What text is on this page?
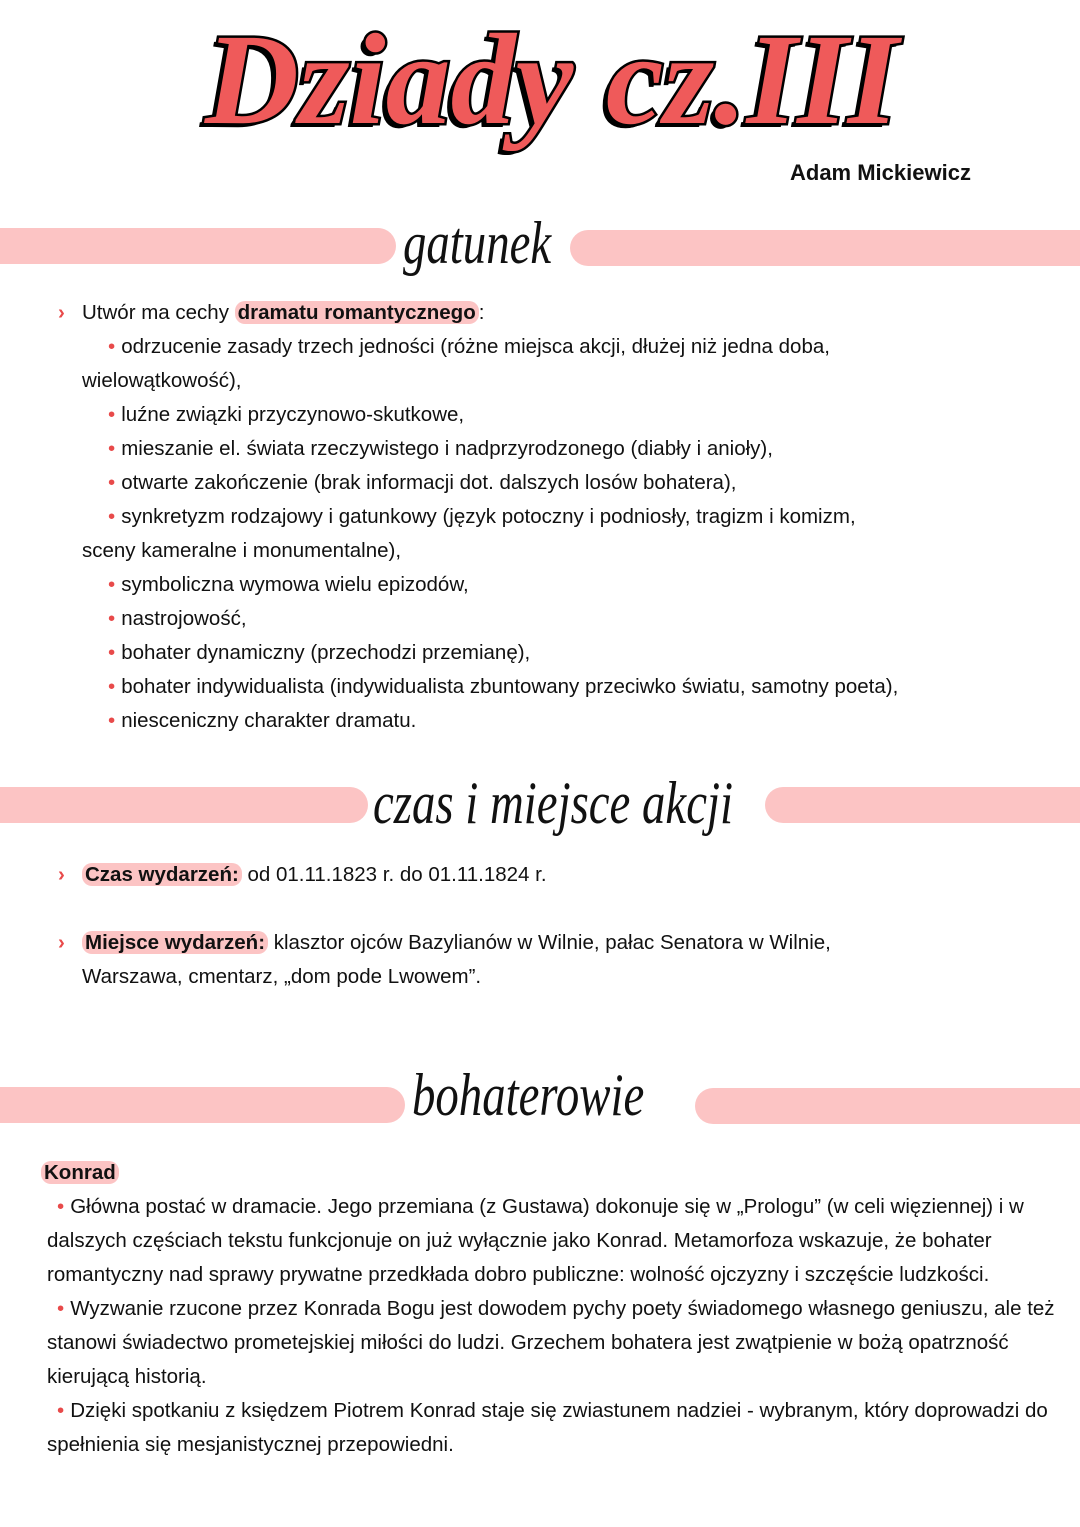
Dziady cz.III
Adam Mickiewicz
gatunek

› Utwór ma cechy dramatu romantycznego :

• odrzucenie zasady trzech jedności (różne miejsca akcji, dłużej niż jedna doba,

wielowątkowość),

• luźne związki przyczynowo-skutkowe,

• mieszanie el. świata rzeczywistego i nadprzyrodzonego (diabły i anioły),

• otwarte zakończenie (brak informacji dot. dalszych losów bohatera),

• synkretyzm rodzajowy i gatunkowy (język potoczny i podniosły, tragizm i komizm,

sceny kameralne i monumentalne),

• symboliczna wymowa wielu epizodów,

• nastrojowość,

• bohater dynamiczny (przechodzi przemianę),

• bohater indywidualista (indywidualista zbuntowany przeciwko światu, samotny poeta),

• niesceniczny charakter dramatu.

czas i miejsce akcji

› Czas wydarzeń: od 01.11.1823 r. do 01.11.1824 r.

› Miejsce wydarzeń: klasztor ojców Bazylianów w Wilnie, pałac Senatora w Wilnie,

Warszawa, cmentarz, „dom pode Lwowem”.

bohaterowie

Konrad

• Główna postać w dramacie. Jego przemiana (z Gustawa) dokonuje się w „Prologu” (w celi więziennej) i w dalszych częściach tekstu funkcjonuje on już wyłącznie jako Konrad. Metamorfoza wskazuje, że bohater romantyczny nad sprawy prywatne przedkłada dobro publiczne: wolność ojczyzny i szczęście ludzkości.

• Wyzwanie rzucone przez Konrada Bogu jest dowodem pychy poety świadomego własnego geniuszu, ale też stanowi świadectwo prometejskiej miłości do ludzi. Grzechem bohatera jest zwątpienie w bożą opatrzność kierującą historią.

• Dzięki spotkaniu z księdzem Piotrem Konrad staje się zwiastunem nadziei - wybranym, który doprowadzi do spełnienia się mesjanistycznej przepowiedni.
